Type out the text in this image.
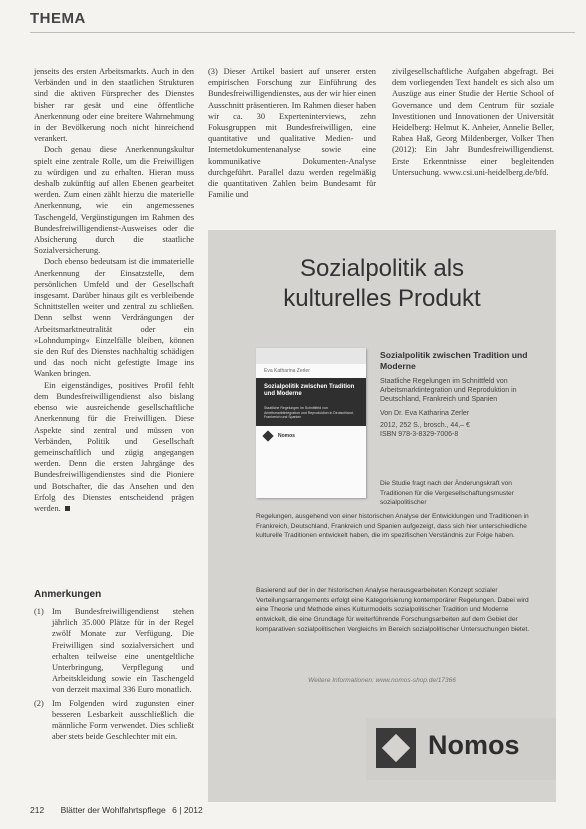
THEMA

jenseits des ersten Arbeitsmarkts. Auch in den Verbänden und in den staatlichen Strukturen sind die aktiven Fürsprecher des Dienstes bisher rar gesät und eine öffentliche Anerkennung oder eine breitere Wahrnehmung in der Bevölkerung noch nicht hinreichend verankert.

Doch genau diese Anerkennungskultur spielt eine zentrale Rolle, um die Freiwilligen zu würdigen und zu erhalten. Hieran muss deshalb zukünftig auf allen Ebenen gearbeitet werden. Zum einen zählt hierzu die materielle Anerkennung, wie ein angemessenes Taschengeld, Vergünstigungen im Rahmen des Bundesfreiwilligendienst-Ausweises oder die Absicherung durch die staatliche Sozialversicherung.

Doch ebenso bedeutsam ist die immaterielle Anerkennung der Einsatzstelle, dem persönlichen Umfeld und der Gesellschaft insgesamt. Darüber hinaus gilt es verbleibende Schnittstellen weiter und zentral zu schließen. Denn selbst wenn Verdrängungen der Arbeitsmarktneutralität oder ein »Lohndumping« Einzelfälle bleiben, können sie den Ruf des Dienstes nachhaltig schädigen und das noch nicht gefestigte Image ins Wanken bringen.

Ein eigenständiges, positives Profil fehlt dem Bundesfreiwilligendienst also bislang ebenso wie ausreichende gesellschaftliche Anerkennung für die Freiwilligen. Diese Aspekte sind zentral und müssen von Verbänden, Politik und Gesellschaft gemeinschaftlich und zügig angegangen werden. Denn die ersten Jahrgänge des Bundesfreiwilligendienstes sind die Pioniere und Botschafter, die das Ansehen und den Erfolg des Dienstes entscheidend prägen werden.

Anmerkungen
(1) Im Bundesfreiwilligendienst stehen jährlich 35.000 Plätze für in der Regel zwölf Monate zur Verfügung. Die Freiwilligen sind sozialversichert und erhalten teilweise eine unentgeltliche Unterbringung, Verpflegung und Arbeitskleidung sowie ein Taschengeld von derzeit maximal 336 Euro monatlich.
(2) Im Folgenden wird zugunsten einer besseren Lesbarkeit ausschließlich die männliche Form verwendet. Dies schließt aber stets beide Geschlechter mit ein.

(3) Dieser Artikel basiert auf unserer ersten empirischen Forschung zur Einführung des Bundesfreiwilligendienstes, aus der wir hier einen Ausschnitt präsentieren. Im Rahmen dieser haben wir ca. 30 Experteninterviews, zehn Fokusgruppen mit Bundesfreiwilligen, eine quantitative und qualitative Medien- und Internetdokumentenanalyse sowie eine kommunikative Dokumenten-Analyse durchgeführt. Parallel dazu werden regelmäßig die quantitativen Zahlen beim Bundesamt für Familie und

zivilgesellschaftliche Aufgaben abgefragt. Bei dem vorliegenden Text handelt es sich also um Auszüge aus einer Studie der Hertie School of Governance und dem Centrum für soziale Investitionen und Innovationen der Universität Heidelberg: Helmut K. Anheier, Annelie Beller, Rabea Haß, Georg Mildenberger, Volker Then (2012): Ein Jahr Bundesfreiwilligendienst. Erste Erkenntnisse einer begleitenden Untersuchung. www.csi.uni-heidelberg.de/bfd.

Sozialpolitik als
kulturelles Produkt
Eva Katharina Zerler
Sozialpolitik zwischen Tradition und Moderne
Staatliche Regelungen im Schnittfeld von Arbeitsmarktintegration und Reproduktion in Deutschland, Frankreich und Spanien
Nomos
Sozialpolitik zwischen Tradition und Moderne
Staatliche Regelungen im Schnittfeld von Arbeitsmarktintegration und Reproduktion in Deutschland, Frankreich und Spanien
Von Dr. Eva Katharina Zerler
2012, 252 S., brosch., 44,– €
ISBN 978-3-8329-7006-8
Die Studie fragt nach der Änderungskraft von Traditionen für die Vergesellschaftungsmuster sozialpolitischer
Regelungen, ausgehend von einer historischen Analyse der Entwicklungen und Traditionen in Frankreich, Deutschland, Frankreich und Spanien aufgezeigt, dass sich hier unterschiedliche kulturelle Traditionen entwickelt haben, die im spezifischen Verständnis zur Folge haben.
Basierend auf der in der historischen Analyse herausgearbeiteten Konzept sozialer Verteilungsarrangements erfolgt eine Kategorisierung kontemporärer Regelungen. Dabei wird eine Theorie und Methode eines Kulturmodells sozialpolitischer Tradition und Moderne entwickelt, die eine Grundlage für weiterführende Forschungsarbeiten auf dem Gebiet der komparativen sozialpolitischen Vergleichs im Bereich sozialpolitischer Untersuchungen bietet.
Weitere Informationen: www.nomos-shop.de/17366
Nomos
212 Blätter der Wohlfahrtspflege 6 | 2012
